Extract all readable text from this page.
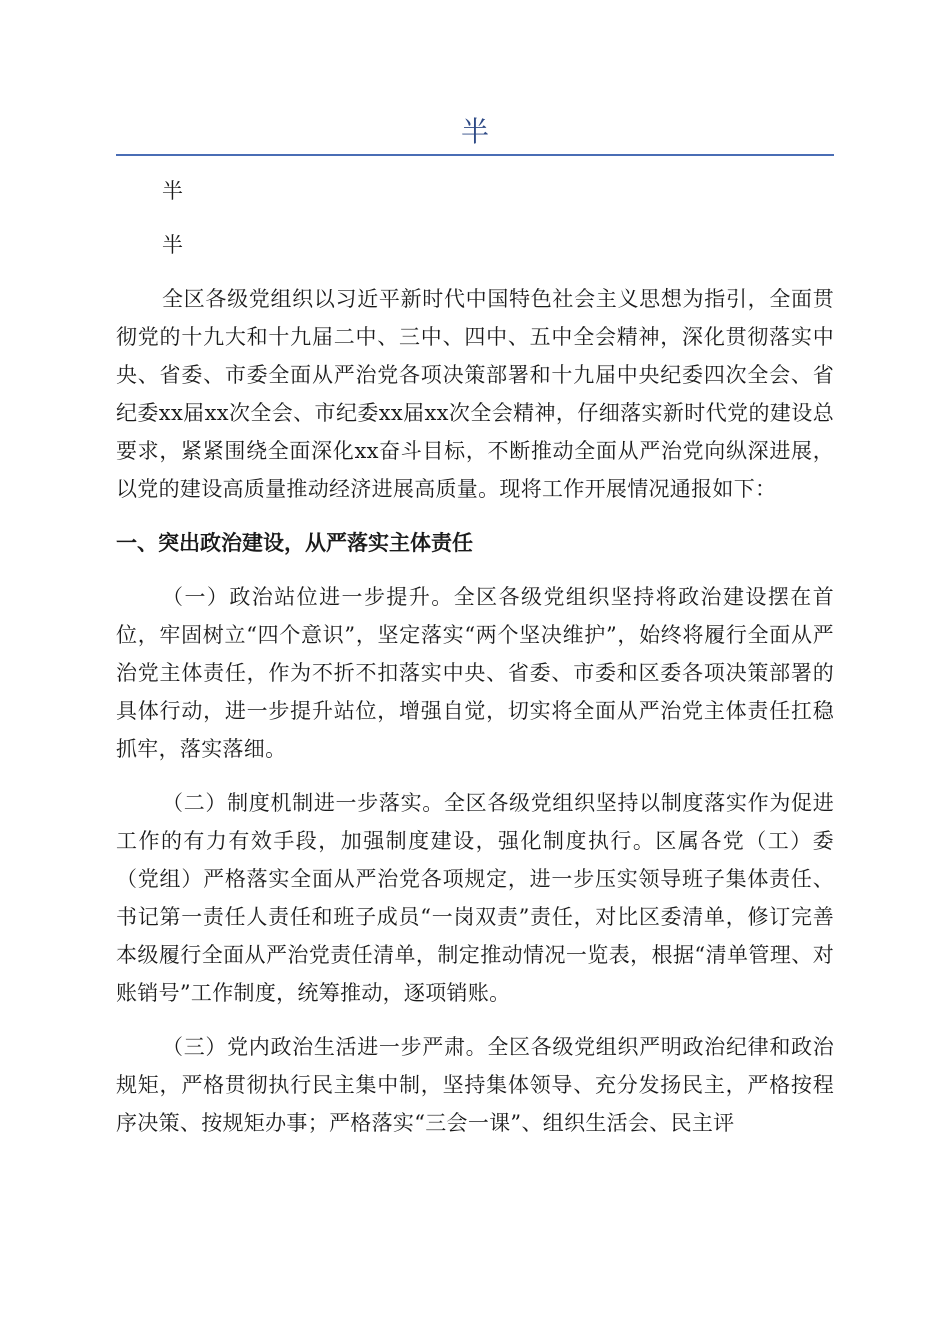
半

半

半

全区各级党组织以习近平新时代中国特色社会主义思想为指引，全面贯彻党的十九大和十九届二中、三中、四中、五中全会精神，深化贯彻落实中央、省委、市委全面从严治党各项决策部署和十九届中央纪委四次全会、省纪委xx届xx次全会、市纪委xx届xx次全会精神，仔细落实新时代党的建设总要求，紧紧围绕全面深化xx奋斗目标，不断推动全面从严治党向纵深进展，以党的建设高质量推动经济进展高质量。现将工作开展情况通报如下：

一、突出政治建设，从严落实主体责任

（一）政治站位进一步提升。全区各级党组织坚持将政治建设摆在首位，牢固树立“四个意识”，坚定落实“两个坚决维护”，始终将履行全面从严治党主体责任，作为不折不扣落实中央、省委、市委和区委各项决策部署的具体行动，进一步提升站位，增强自觉，切实将全面从严治党主体责任扛稳抓牢，落实落细。

（二）制度机制进一步落实。全区各级党组织坚持以制度落实作为促进工作的有力有效手段，加强制度建设，强化制度执行。区属各党（工）委（党组）严格落实全面从严治党各项规定，进一步压实领导班子集体责任、书记第一责任人责任和班子成员“一岗双责”责任，对比区委清单，修订完善本级履行全面从严治党责任清单，制定推动情况一览表，根据“清单管理、对账销号”工作制度，统筹推动，逐项销账。

（三）党内政治生活进一步严肃。全区各级党组织严明政治纪律和政治规矩，严格贯彻执行民主集中制，坚持集体领导、充分发扬民主，严格按程序决策、按规矩办事；严格落实“三会一课”、组织生活会、民主评
